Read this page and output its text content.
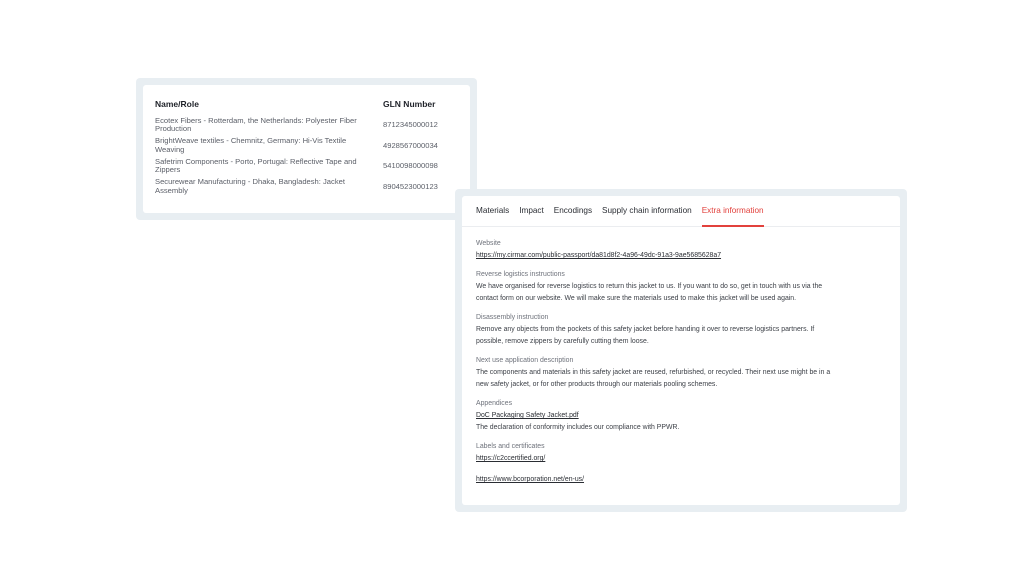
Name/Role	GLN Number
Ecotex Fibers - Rotterdam, the Netherlands: Polyester Fiber Production	8712345000012
BrightWeave textiles - Chemnitz, Germany: Hi-Vis Textile Weaving	4928567000034
Safetrim Components - Porto, Portugal: Reflective Tape and Zippers	5410098000098
Securewear Manufacturing - Dhaka, Bangladesh: Jacket Assembly	8904523000123
Materials Impact Encodings Supply chain information Extra information
Website
https://my.cirmar.com/public-passport/da81d8f2-4a96-49dc-91a3-9ae5685628a7
Reverse logistics instructions
We have organised for reverse logistics to return this jacket to us. If you want to do so, get in touch with us via the
contact form on our website. We will make sure the materials used to make this jacket will be used again.
Disassembly instruction
Remove any objects from the pockets of this safety jacket before handing it over to reverse logistics partners. If
possible, remove zippers by carefully cutting them loose.
Next use application description
The components and materials in this safety jacket are reused, refurbished, or recycled. Their next use might be in a
new safety jacket, or for other products through our materials pooling schemes.
Appendices
DoC Packaging Safety Jacket.pdf
The declaration of conformity includes our compliance with PPWR.
Labels and certificates
https://c2ccertified.org/
https://www.bcorporation.net/en-us/
